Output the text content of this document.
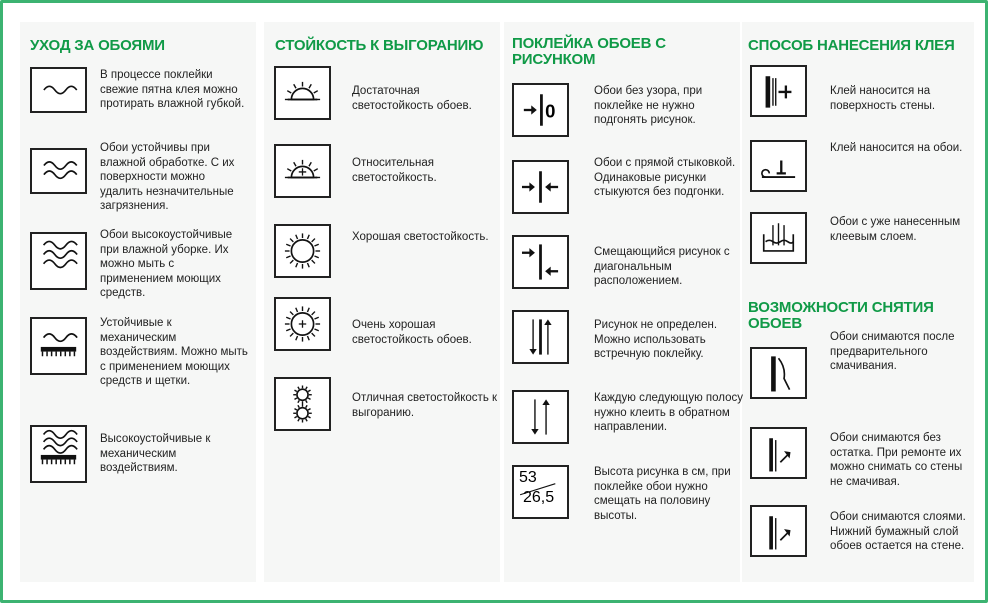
УХОД ЗА ОБОЯМИ
В процессе поклейки свежие пятна клея можно протирать влажной губкой.
Обои устойчивы при влажной обработке. С их поверхности можно удалить незначительные загрязнения.
Обои высокоустойчивые при влажной уборке. Их можно мыть с применением моющих средств.
Устойчивые к механическим воздействиям. Можно мыть с применением моющих средств и щетки.
Высокоустойчивые к механическим воздействиям.
СТОЙКОСТЬ К ВЫГОРАНИЮ
Достаточная светостойкость обоев.
Относительная светостойкость.
Хорошая светостойкость.
Очень хорошая светостойкость обоев.
Отличная светостойкость к выгоранию.
ПОКЛЕЙКА ОБОЕВ С РИСУНКОМ
0
Обои без узора, при поклейке не нужно подгонять рисунок.
Обои с прямой стыковкой. Одинаковые рисунки стыкуются без подгонки.
Смещающийся рисунок с диагональным расположением.
Рисунок не определен. Можно использовать встречную поклейку.
Каждую следующую полосу нужно клеить в обратном направлении.
53
26,5
Высота рисунка в см, при поклейке обои нужно смещать на половину высоты.
СПОСОБ НАНЕСЕНИЯ КЛЕЯ
Клей наносится на поверхность стены.
Клей наносится на обои.
Обои с уже нанесенным клеевым слоем.
ВОЗМОЖНОСТИ СНЯТИЯ ОБОЕВ
Обои снимаются после предварительного смачивания.
Обои снимаются без остатка. При ремонте их можно снимать со стены не смачивая.
Обои снимаются слоями. Нижний бумажный слой обоев остается на стене.
